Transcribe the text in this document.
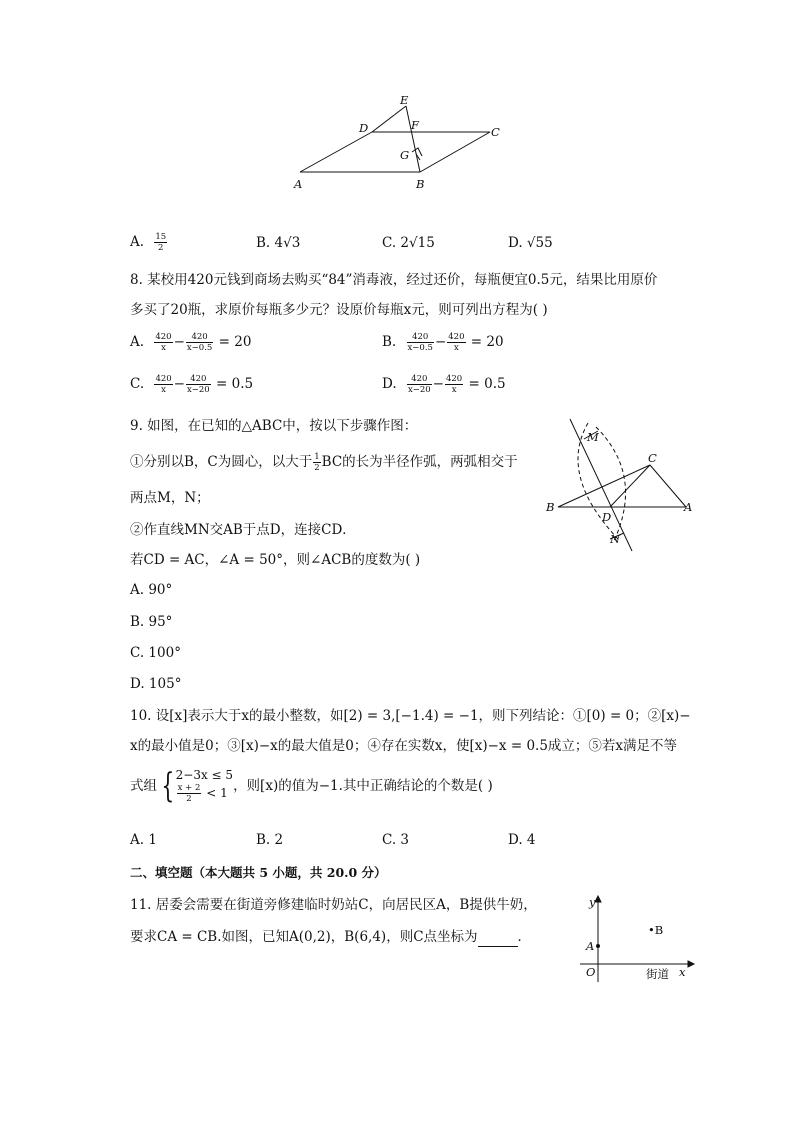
E
D	F	C
G
A	B
A. $\frac{15}{2}$	B. 4√3	C. 2√15	D. √55
8. 某校用420元钱到商场去购买“84”消毒液，经过还价，每瓶便宜0.5元，结果比用原价
多买了20瓶，求原价每瓶多少元？设原价每瓶x元，则可列出方程为( )
A. $\frac{420}{x} - \frac{420}{x-0.5} = 20$	B. $\frac{420}{x-0.5} - \frac{420}{x} = 20$
C. $\frac{420}{x} - \frac{420}{x-20} = 0.5$	D. $\frac{420}{x-20} - \frac{420}{x} = 0.5$
9. 如图，在已知的△ABC中，按以下步骤作图：
①分别以B，C为圆心，以大于 $\frac{1}{2}$ BC的长为半径作弧，两弧相交于
两点M，N；
②作直线MN交AB于点D，连接CD．
若CD = AC，∠A = 50°，则∠ACB的度数为( )
A. 90°
B. 95°
C. 100°
D. 105°
M
C
B
D
A
N
10. 设[x]表示大于x的最小整数，如[2) = 3,[−1.4) = −1，则下列结论：①[0) = 0；②[x)−
x的最小值是0；③[x)−x的最大值是0；④存在实数x，使[x)−x = 0.5成立；⑤若x满足不等
式组 { 2−3x ≤ 5
$\frac{x + 2}{2} < 1$ ，则[x)的值为−1.其中正确结论的个数是( )
A. 1	B. 2	C. 3	D. 4
二、填空题（本大题共 5 小题，共 20.0 分）
11. 居委会需要在街道旁修建临时奶站C，向居民区A，B提供牛奶，
要求CA = CB.如图，已知A(0,2)，B(6,4)，则C点坐标为	．
y
•B
A
O	街道 x
